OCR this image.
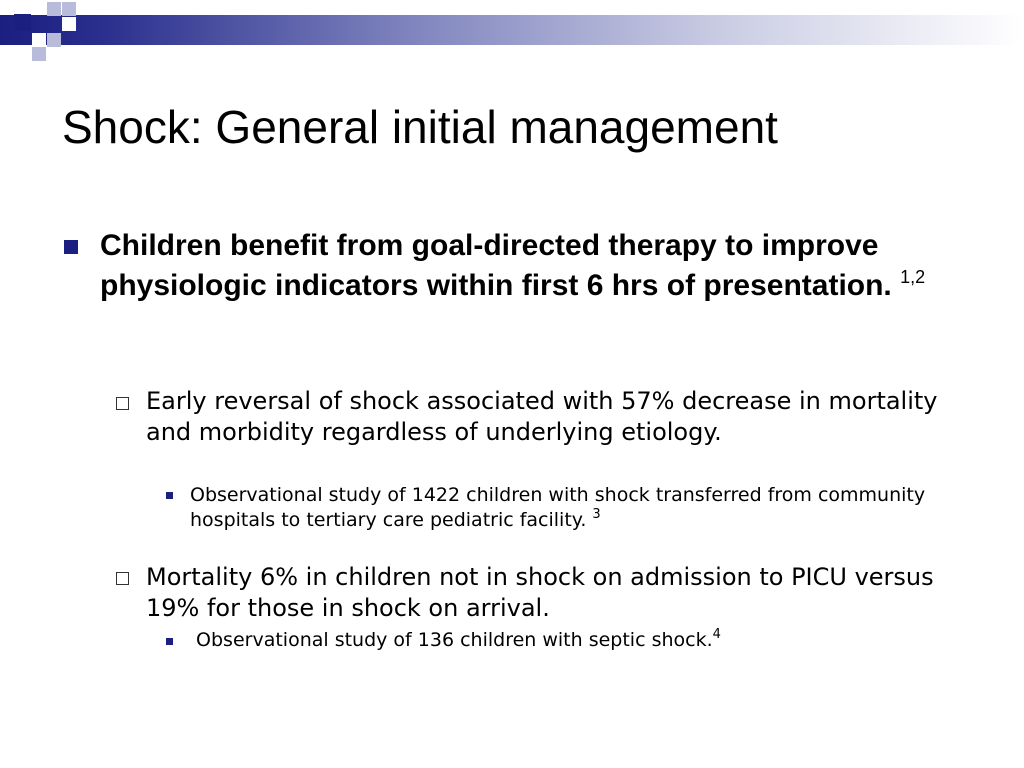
Shock: General initial management
Children benefit from goal-directed therapy to improve physiologic indicators within first 6 hrs of presentation. $^{1,2}$
Early reversal of shock associated with 57% decrease in mortality and morbidity regardless of underlying etiology.
Observational study of 1422 children with shock transferred from community hospitals to tertiary care pediatric facility. $^3$
Mortality 6% in children not in shock on admission to PICU versus 19% for those in shock on arrival.
Observational study of 136 children with septic shock.$^4$
